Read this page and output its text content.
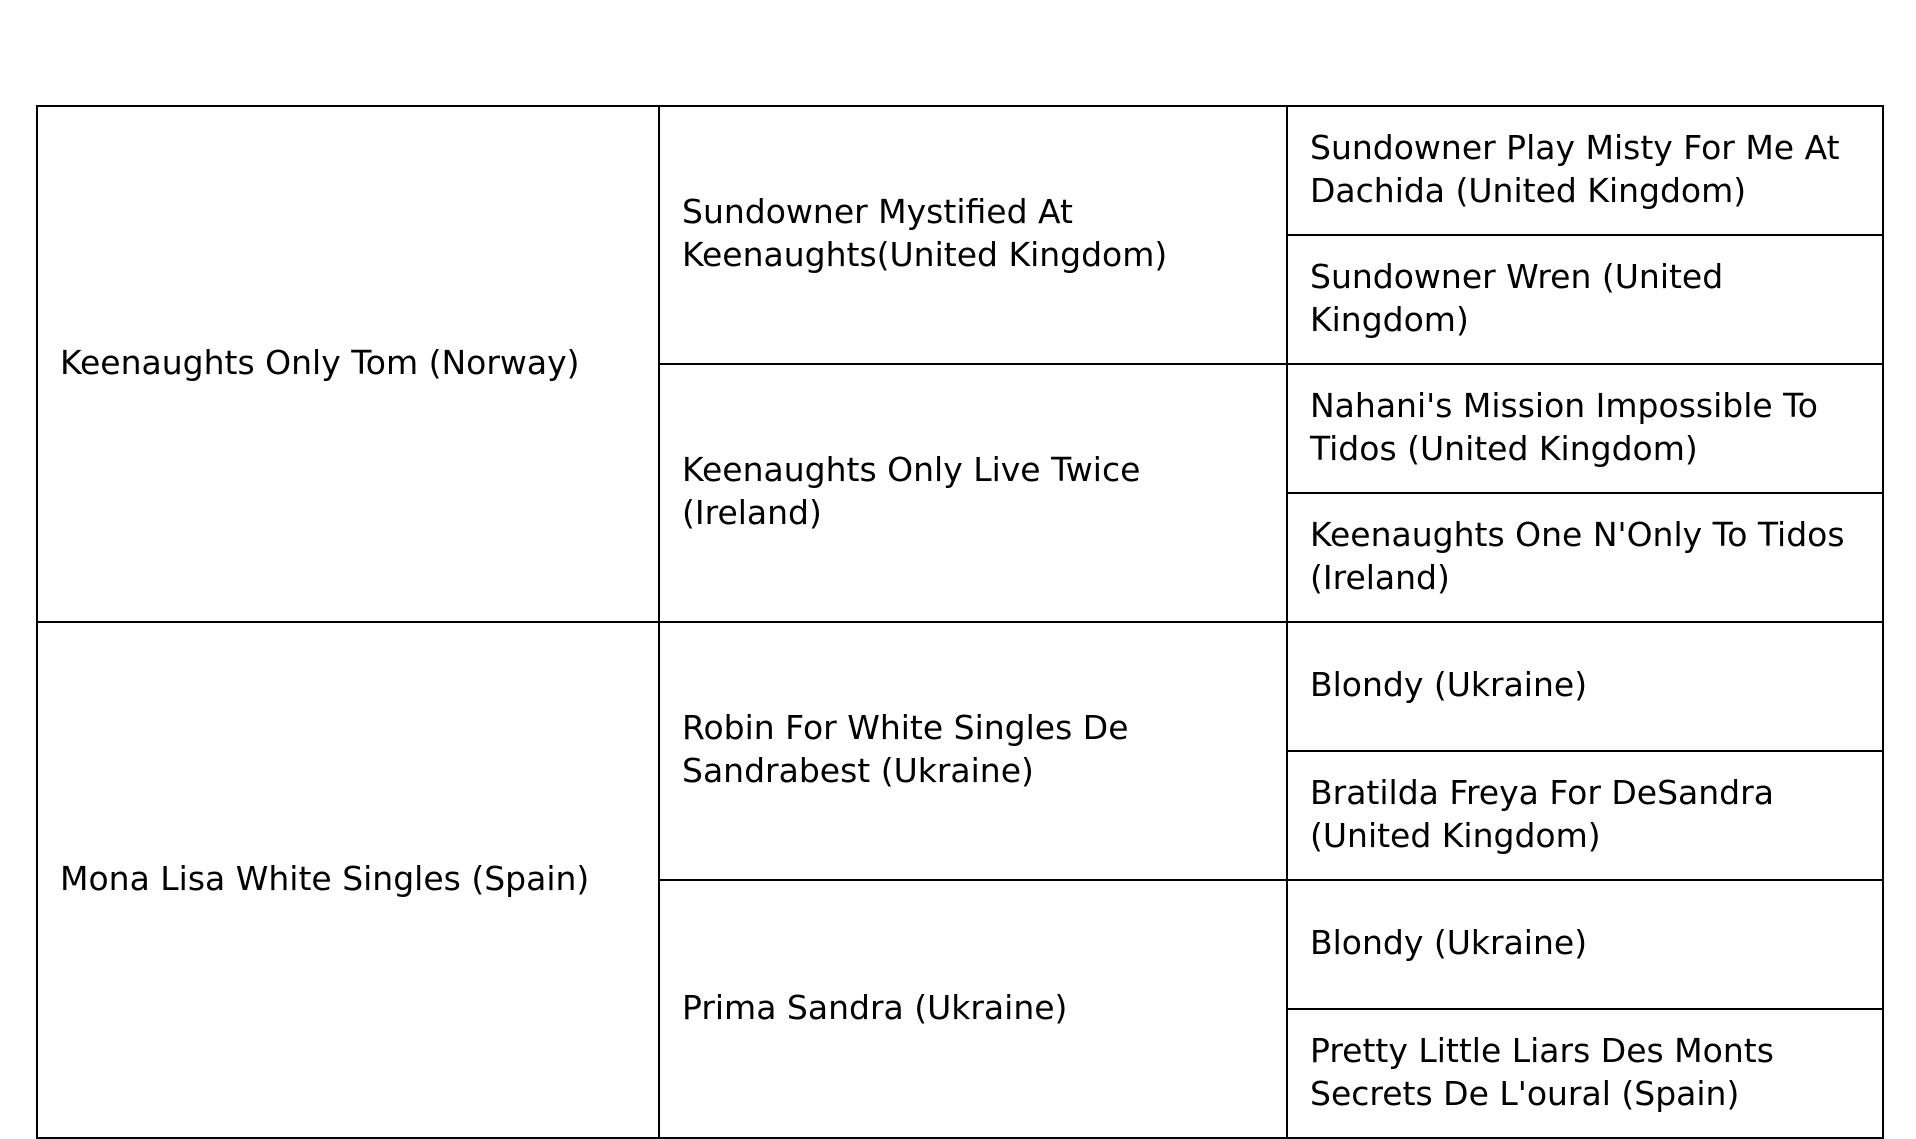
Keenaughts Only Tom (Norway)	Sundowner Mystified At Keenaughts(United Kingdom)	Sundowner Play Misty For Me At Dachida (United Kingdom)
		Sundowner Wren (United Kingdom)
	Keenaughts Only Live Twice (Ireland)	Nahani's Mission Impossible To Tidos (United Kingdom)
		Keenaughts One N'Only To Tidos (Ireland)
Mona Lisa White Singles (Spain)	Robin For White Singles De Sandrabest (Ukraine)	Blondy (Ukraine)
		Bratilda Freya For DeSandra (United Kingdom)
	Prima Sandra (Ukraine)	Blondy (Ukraine)
		Pretty Little Liars Des Monts Secrets De L'oural (Spain)
